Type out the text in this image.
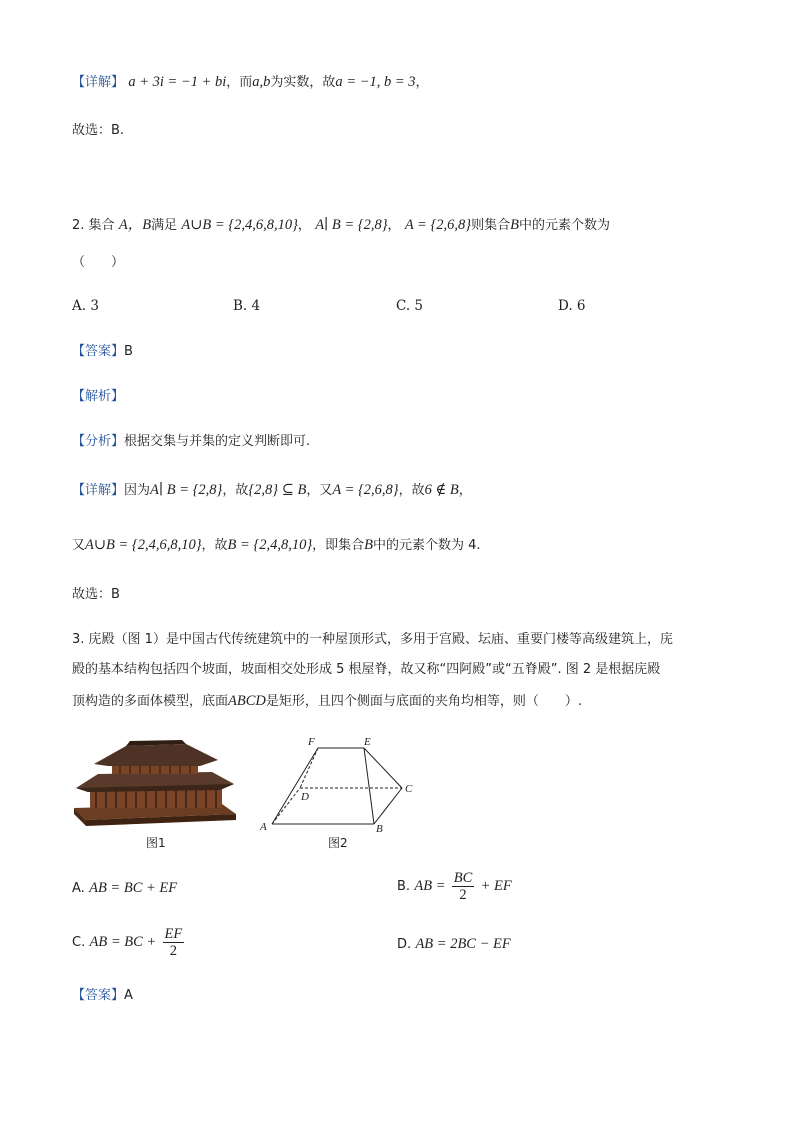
【详解】 a + 3i = −1 + bi，而a,b为实数，故a = −1, b = 3，
故选：B.
2. 集合 A，B满足 A∪B = {2,4,6,8,10}， A∣ B = {2,8}， A = {2,6,8}则集合B中的元素个数为
（　　）
A. 3	B. 4	C. 5	D. 6
【答案】B
【解析】
【分析】根据交集与并集的定义判断即可.
【详解】因为A∣ B = {2,8}，故{2,8} ⊆ B，又A = {2,6,8}，故6 ∉ B，
又A∪B = {2,4,6,8,10}，故B = {2,4,8,10}，即集合B中的元素个数为 4.
故选：B
3. 庑殿（图 1）是中国古代传统建筑中的一种屋顶形式，多用于宫殿、坛庙、重要门楼等高级建筑上，庑
殿的基本结构包括四个坡面，坡面相交处形成 5 根屋脊，故又称“四阿殿”或“五脊殿”. 图 2 是根据庑殿
顶构造的多面体模型，底面ABCD是矩形，且四个侧面与底面的夹角均相等，则（　　）.
图1
F	E
D
C
A	B
图2
A. AB = BC + EF	B. AB = $\frac{BC}{2}$ + EF
C. AB = BC + $\frac{EF}{2}$	D. AB = 2BC − EF
【答案】A
